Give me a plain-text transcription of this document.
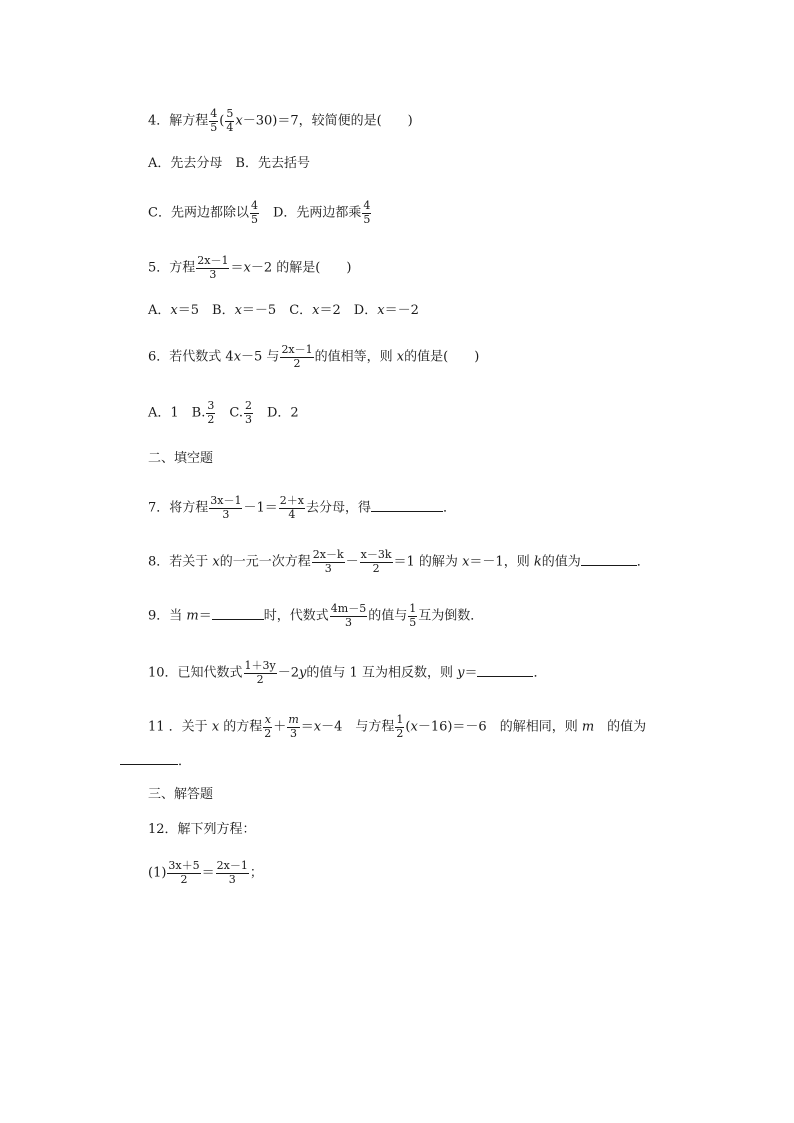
4．解方程 $\frac{4}{5}$ ( $\frac{5}{4} x-30)=7$，较简便的是(　　)
A．先去分母　B．先去括号
C．先两边都除以 $\frac{4}{5}$ 　D．先两边都乘 $\frac{4}{5}$
5．方程 $\frac{2x-1}{3} =x-2$ 的解是(　　)
A．x＝5　B．x＝－5　C．x＝2　D．x＝－2
6．若代数式 4x－5 与 $\frac{2x-1}{2}$ 的值相等，则 x的值是(　　)
A．1　B. $\frac{3}{2}$ 　C. $\frac{2}{3}$ 　D．2
二、填空题
7．将方程 $\frac{3x-1}{3} -1= \frac{2+x}{4}$ 去分母，得	．
8．若关于 x的一元一次方程 $\frac{2x-k}{3} - \frac{x-3k}{2} =1$ 的解为 x＝－1，则 k的值为	．
9．当 m＝	时，代数式 $\frac{4m-5}{3}$ 的值与 $\frac{1}{5}$ 互为倒数．
10．已知代数式 $\frac{1+3y}{2} -2y$的值与 1 互为相反数，则 y＝	．
11 ．关于 x 的方程 $\frac{x}{2} + \frac{m}{3} =x-4$　与方程 $\frac{1}{2} (x-16)=-6$　的解相同，则 m　的值为
．
三、解答题
12．解下列方程：
$(1) \frac{3x+5}{2} = \frac{2x-1}{3}$ ；
